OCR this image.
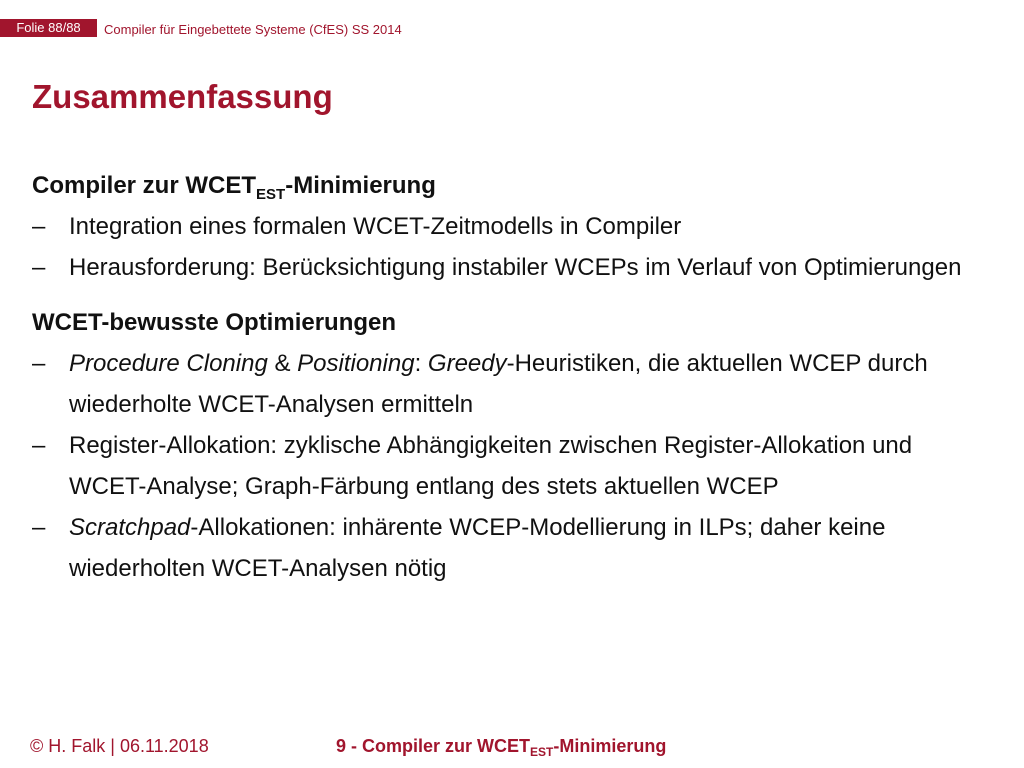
Folie 88/88	Compiler für Eingebettete Systeme (CfES) SS 2014
Zusammenfassung

Compiler zur $WCET_{EST}$-Minimierung

– Integration eines formalen WCET-Zeitmodells in Compiler

– Herausforderung: Berücksichtigung instabiler WCEPs im Verlauf von Optimierungen

WCET-bewusste Optimierungen

– Procedure Cloning & Positioning: Greedy-Heuristiken, die aktuellen WCEP durch wiederholte WCET-Analysen ermitteln

– Register-Allokation: zyklische Abhängigkeiten zwischen Register-Allokation und WCET-Analyse; Graph-Färbung entlang des stets aktuellen WCEP

– Scratchpad-Allokationen: inhärente WCEP-Modellierung in ILPs; daher keine wiederholten WCET-Analysen nötig

© H. Falk | 06.11.2018	9 - Compiler zur $WCET_{EST}$-Minimierung
